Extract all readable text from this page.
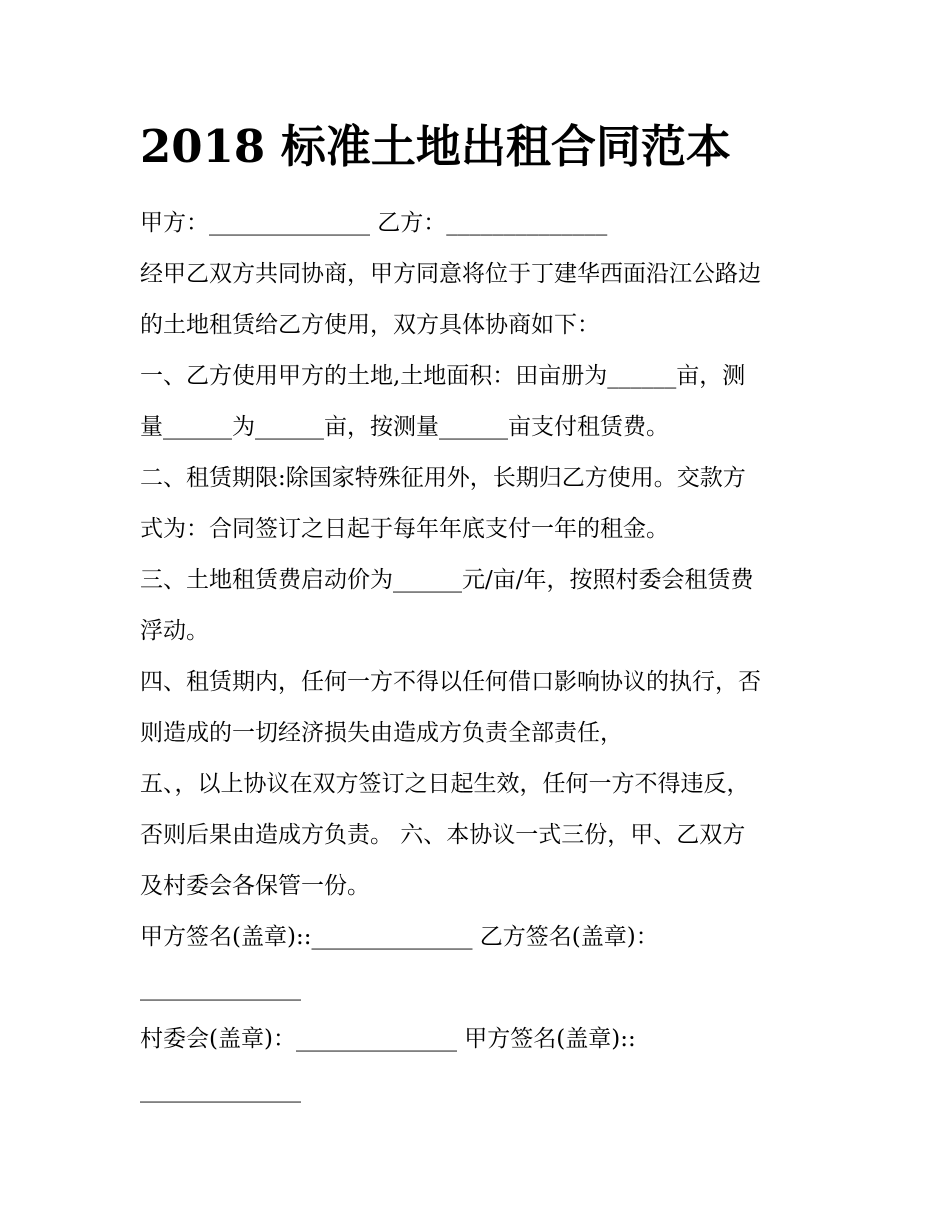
2018 标准土地出租合同范本
甲方：______________ 乙方：______________
经甲乙双方共同协商，甲方同意将位于丁建华西面沿江公路边
的土地租赁给乙方使用，双方具体协商如下：
一、乙方使用甲方的土地,土地面积：田亩册为______亩，测
量______为______亩，按测量______亩支付租赁费。
二、租赁期限:除国家特殊征用外，长期归乙方使用。交款方
式为：合同签订之日起于每年年底支付一年的租金。
三、土地租赁费启动价为______元/亩/年，按照村委会租赁费
浮动。
四、租赁期内，任何一方不得以任何借口影响协议的执行，否
则造成的一切经济损失由造成方负责全部责任，
五、，以上协议在双方签订之日起生效，任何一方不得违反，
否则后果由造成方负责。 六、本协议一式三份，甲、乙双方
及村委会各保管一份。
甲方签名(盖章)::______________ 乙方签名(盖章)：
______________
村委会(盖章)：______________ 甲方签名(盖章)::
______________
